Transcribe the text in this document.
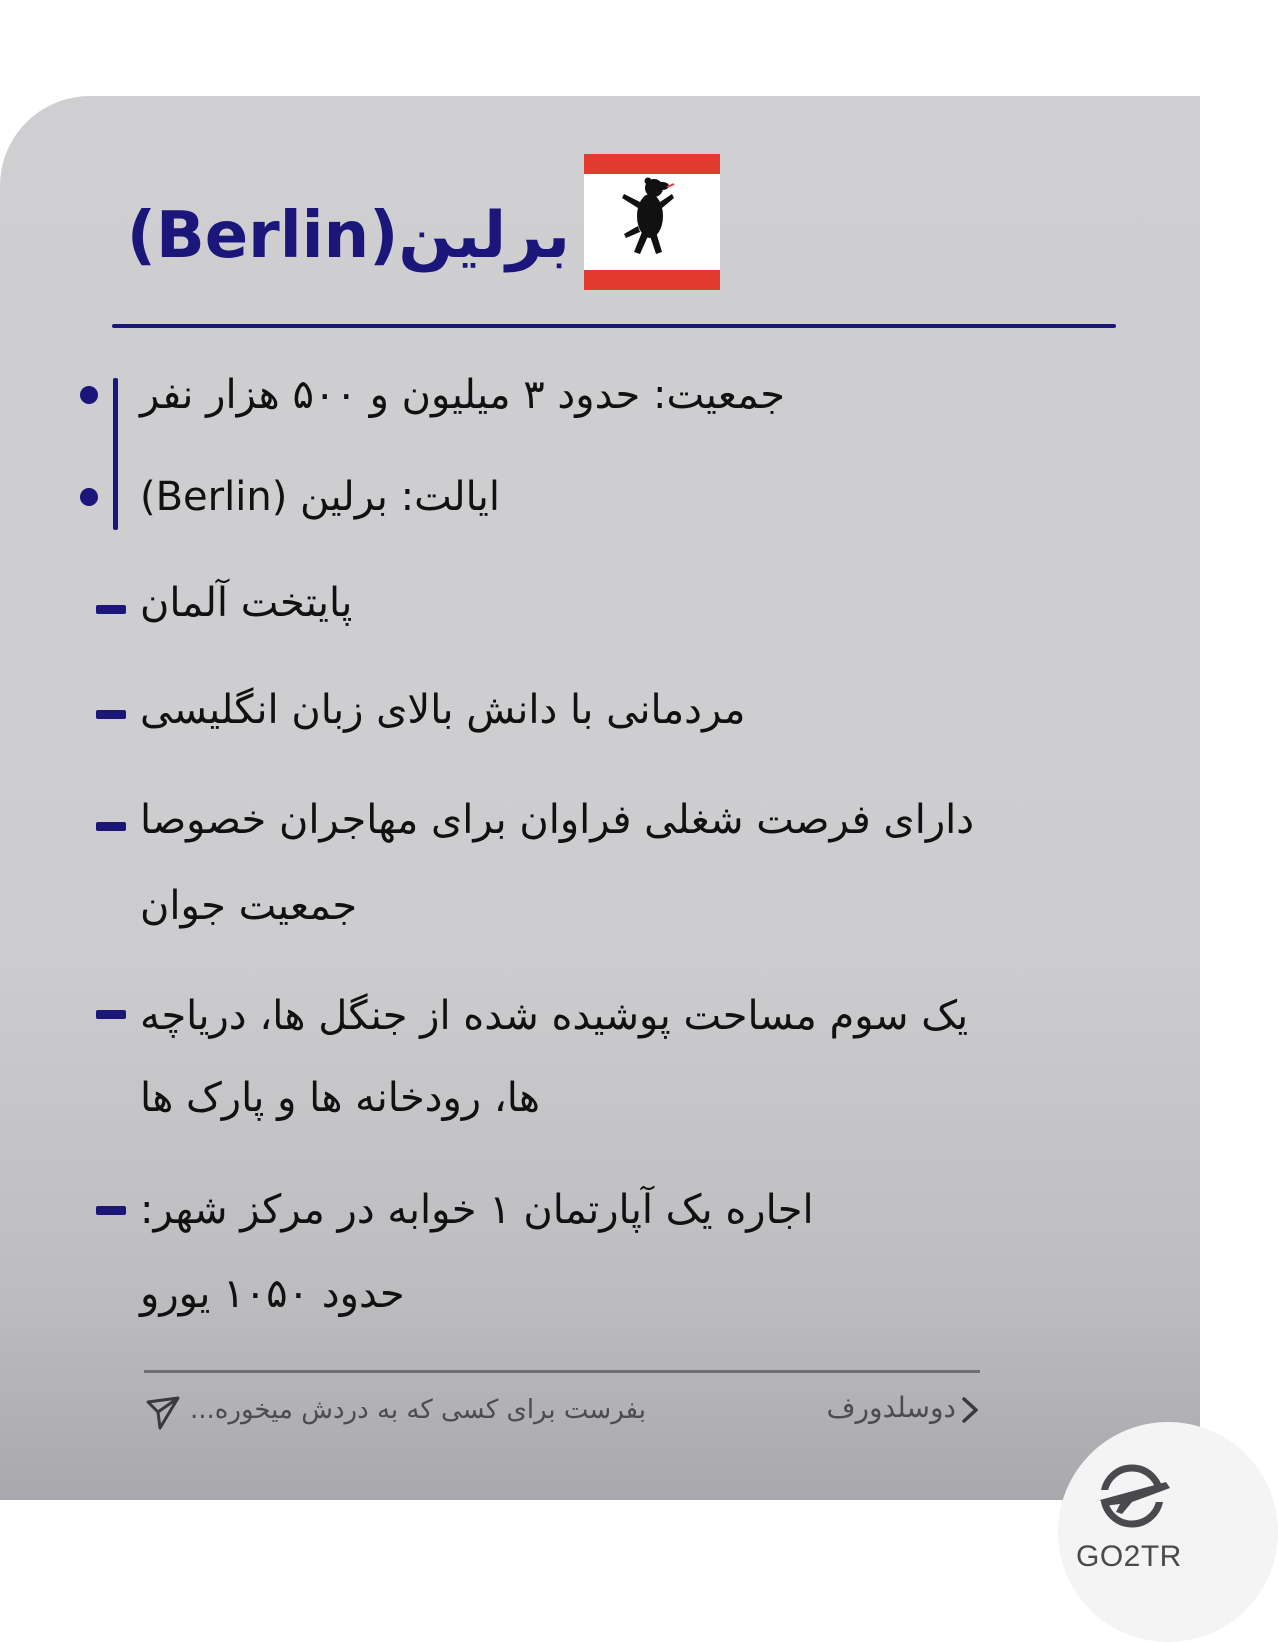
برلین(Berlin)
جمعیت: حدود ۳ میلیون و ۵۰۰ هزار نفر
ایالت: برلین (Berlin)
پایتخت آلمان
مردمانی با دانش بالای زبان انگلیسی
دارای فرصت شغلی فراوان برای مهاجران خصوصا
جمعیت جوان
یک سوم مساحت پوشیده شده از جنگل ها، دریاچه
ها، رودخانه ها و پارک ها
اجاره یک آپارتمان ۱ خوابه در مرکز شهر:
حدود ۱۰۵۰ یورو
بفرست برای کسی که به دردش میخوره...	دوسلدورف
GO2TR
